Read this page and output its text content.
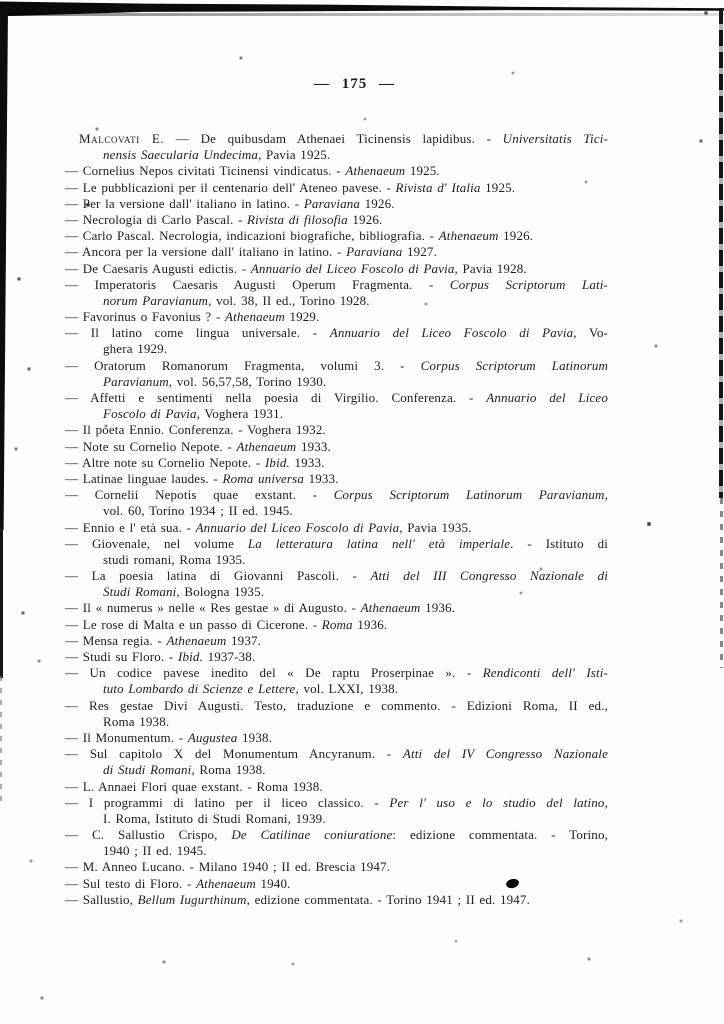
— 175 —
Malcovati E. — De quibusdam Athenaei Ticinensis lapidibus. - Universitatis Tici-
nensis Saecularia Undecima, Pavia 1925.
— Cornelius Nepos civitati Ticinensi vindicatus. - Athenaeum 1925.
— Le pubblicazioni per il centenario dell' Ateneo pavese. - Rivista d' Italia 1925.
— Per la versione dall' italiano in latino. - Paraviana 1926.
— Necrologia di Carlo Pascal. - Rivista di filosofia 1926.
— Carlo Pascal. Necrologia, indicazioni biografiche, bibliografia. - Athenaeum 1926.
— Ancora per la versione dall' italiano in latino. - Paraviana 1927.
— De Caesaris Augusti edictis. - Annuario del Liceo Foscolo di Pavia, Pavia 1928.
— Imperatoris Caesaris Augusti Operum Fragmenta. - Corpus Scriptorum Lati-
norum Paravianum, vol. 38, II ed., Torino 1928.
— Favorinus o Favonius ? - Athenaeum 1929.
— Il latino come lingua universale. - Annuario del Liceo Foscolo di Pavia, Vo-
ghera 1929.
— Oratorum Romanorum Fragmenta, volumi 3. - Corpus Scriptorum Latinorum
Paravianum, vol. 56,57,58, Torino 1930.
— Affetti e sentimenti nella poesia di Virgilio. Conferenza. - Annuario del Liceo
Foscolo di Pavia, Voghera 1931.
— Il poeta Ennio. Conferenza. - Voghera 1932.
— Note su Cornelio Nepote. - Athenaeum 1933.
— Altre note su Cornelio Nepote. - Ibid. 1933.
— Latinae linguae laudes. - Roma universa 1933.
— Cornelii Nepotis quae exstant. - Corpus Scriptorum Latinorum Paravianum,
vol. 60, Torino 1934 ; II ed. 1945.
— Ennio e l' età sua. - Annuario del Liceo Foscolo di Pavia, Pavia 1935.
— Giovenale, nel volume La letteratura latina nell' età imperiale. - Istituto di
studi romani, Roma 1935.
— La poesia latina di Giovanni Pascoli. - Atti del III Congresso Nazionale di
Studi Romani, Bologna 1935.
— Il « numerus » nelle « Res gestae » di Augusto. - Athenaeum 1936.
— Le rose di Malta e un passo di Cicerone. - Roma 1936.
— Mensa regia. - Athenaeum 1937.
— Studi su Floro. - Ibid. 1937-38.
— Un codice pavese inedito del « De raptu Proserpinae ». - Rendiconti dell' Isti-
tuto Lombardo di Scienze e Lettere, vol. LXXI, 1938.
— Res gestae Divi Augusti. Testo, traduzione e commento. - Edizioni Roma, II ed.,
Roma 1938.
— Il Monumentum. - Augustea 1938.
— Sul capitolo X del Monumentum Ancyranum. - Atti del IV Congresso Nazionale
di Studi Romani, Roma 1938.
— L. Annaei Flori quae exstant. - Roma 1938.
— I programmi di latino per il liceo classico. - Per l' uso e lo studio del latino,
I. Roma, Istituto di Studi Romani, 1939.
— C. Sallustio Crispo, De Catilinae coniuratione: edizione commentata. - Torino,
1940 ; II ed. 1945.
— M. Anneo Lucano. - Milano 1940 ; II ed. Brescia 1947.
— Sul testo di Floro. - Athenaeum 1940.
— Sallustio, Bellum Iugurthinum, edizione commentata. - Torino 1941 ; II ed. 1947.
